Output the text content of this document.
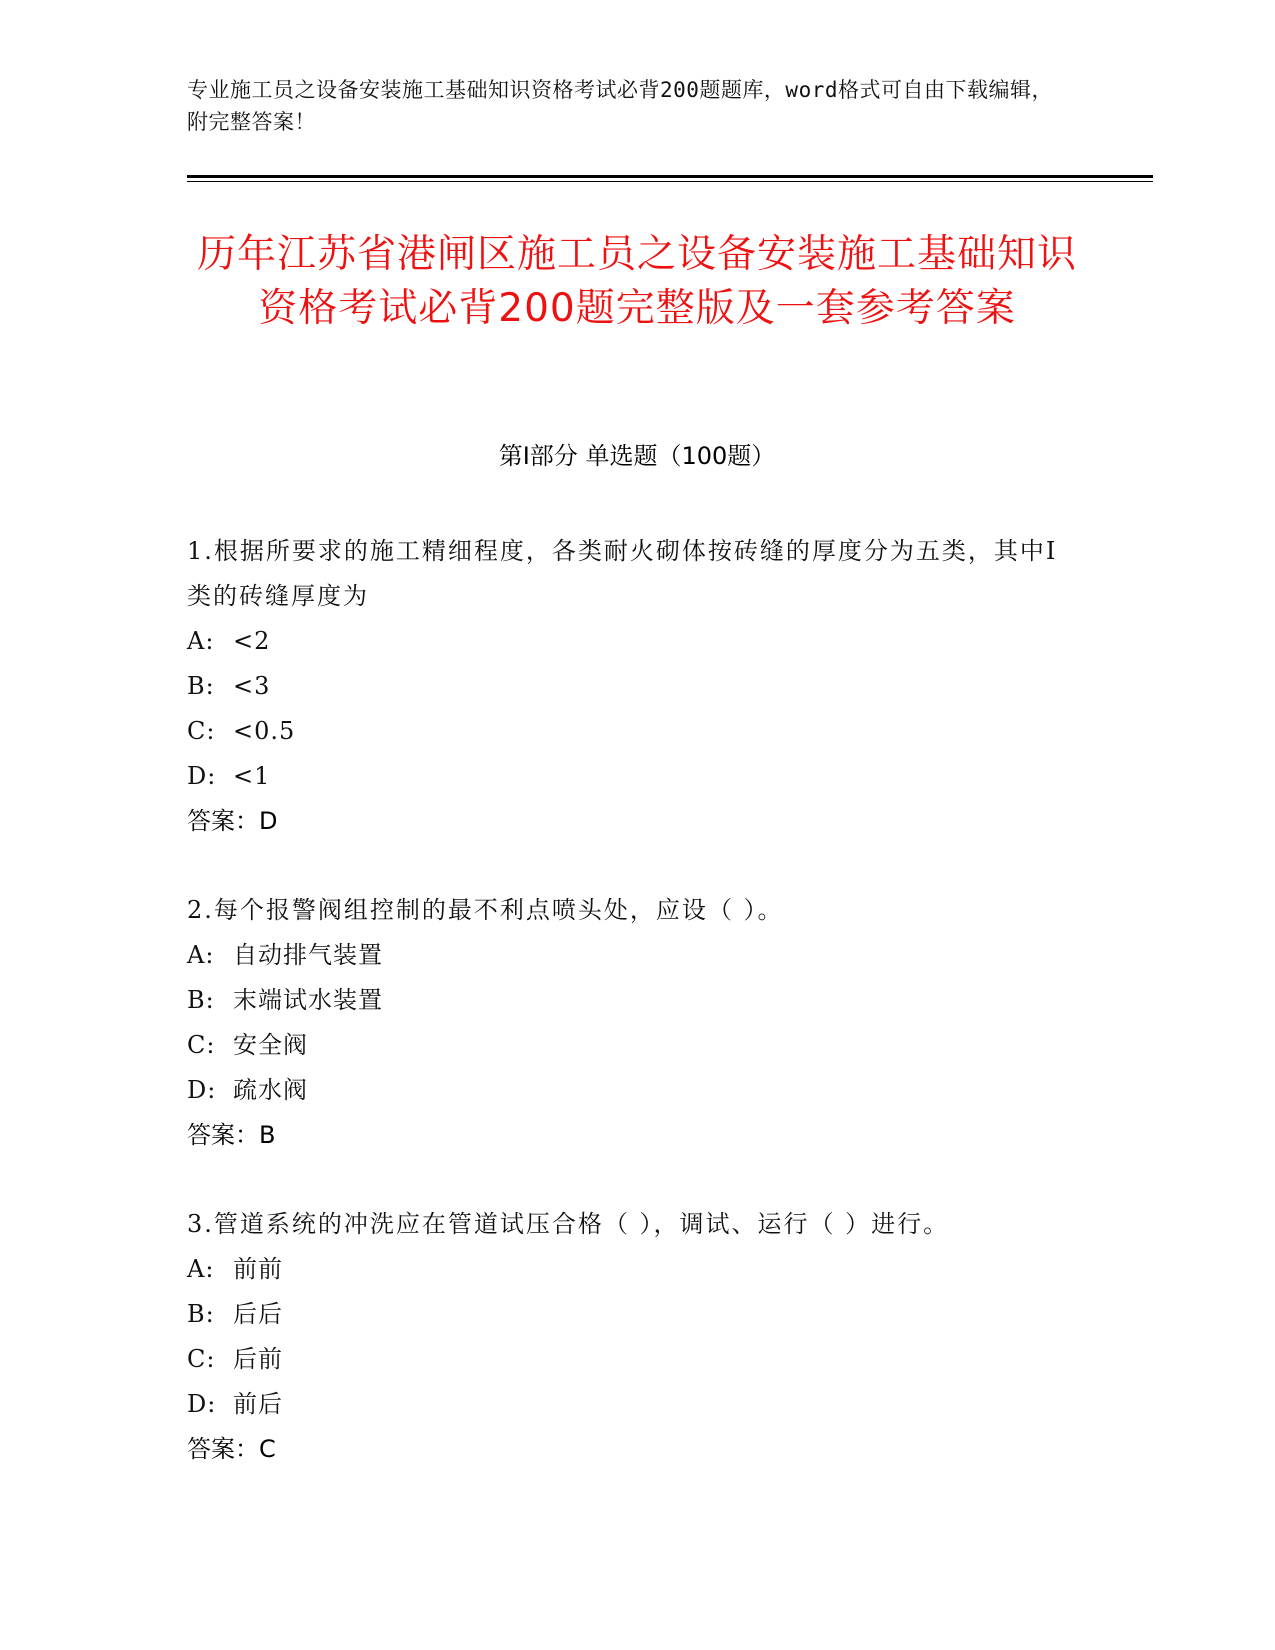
专业施工员之设备安装施工基础知识资格考试必背200题题库，word格式可自由下载编辑，附完整答案！
历年江苏省港闸区施工员之设备安装施工基础知识资格考试必背200题完整版及一套参考答案
第Ⅰ部分 单选题（100题）

1.根据所要求的施工精细程度，各类耐火砌体按砖缝的厚度分为五类，其中Ⅰ类的砖缝厚度为

A: <2

B: <3

C: <0.5

D: <1

答案：D

2.每个报警阀组控制的最不利点喷头处，应设（ ）。

A: 自动排气装置

B: 末端试水装置

C: 安全阀

D: 疏水阀

答案：B

3.管道系统的冲洗应在管道试压合格（ ），调试、运行（ ）进行。

A: 前前

B: 后后

C: 后前

D: 前后

答案：C
